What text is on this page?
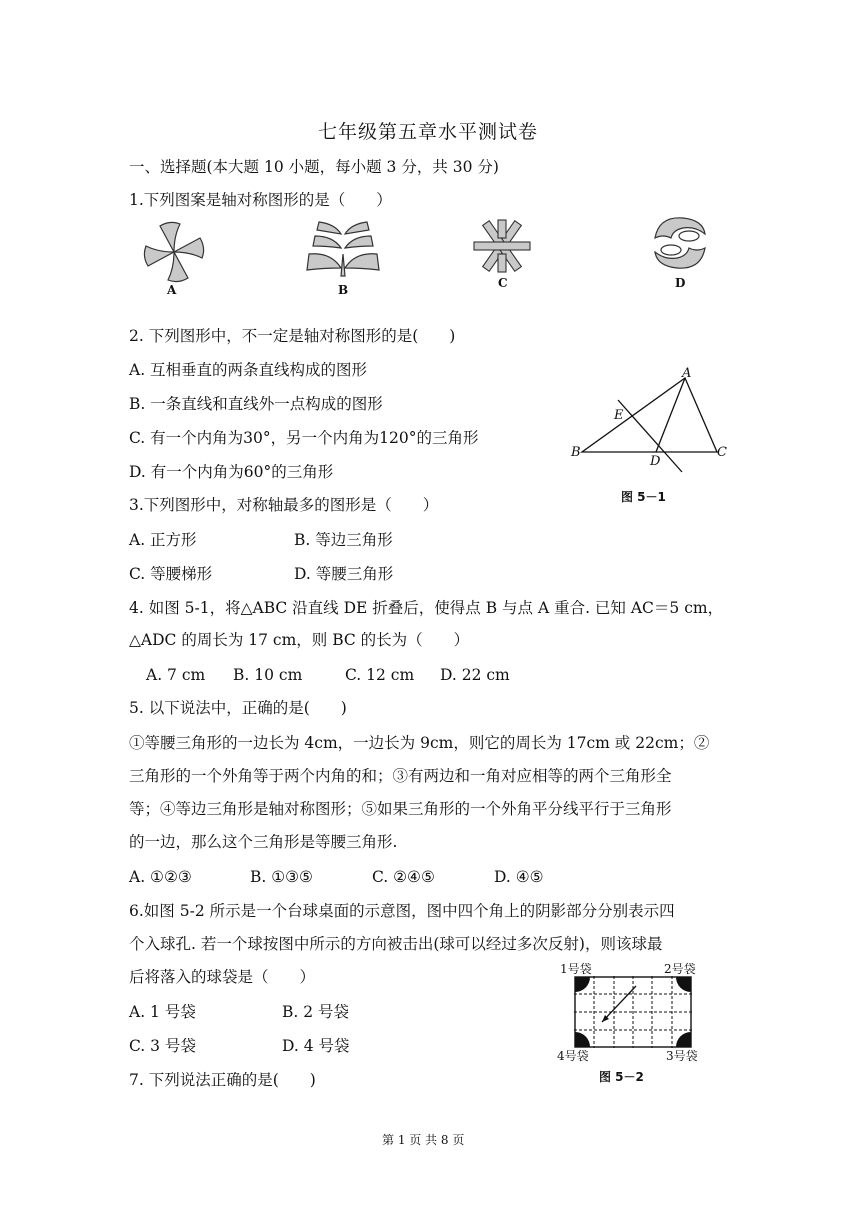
七年级第五章水平测试卷
一、选择题(本大题 10 小题，每小题 3 分，共 30 分)
1.下列图案是轴对称图形的是（　　）
A	B	C	D
2. 下列图形中，不一定是轴对称图形的是(　　)
A. 互相垂直的两条直线构成的图形
B. 一条直线和直线外一点构成的图形
C. 有一个内角为30°，另一个内角为120°的三角形
D. 有一个内角为60°的三角形
A
E
B
D
C
图 5－1
3.下列图形中，对称轴最多的图形是（　　）
A. 正方形	B. 等边三角形
C. 等腰梯形	D. 等腰三角形
4. 如图 5-1，将△ABC 沿直线 DE 折叠后，使得点 B 与点 A 重合. 已知 AC＝5 cm，
△ADC 的周长为 17 cm，则 BC 的长为（　　）
A. 7 cm B. 10 cm	C. 12 cm D. 22 cm
5. 以下说法中，正确的是(　　)
①等腰三角形的一边长为 4cm，一边长为 9cm，则它的周长为 17cm 或 22cm；②
三角形的一个外角等于两个内角的和；③有两边和一角对应相等的两个三角形全
等；④等边三角形是轴对称图形；⑤如果三角形的一个外角平分线平行于三角形
的一边，那么这个三角形是等腰三角形.
A. ①②③	B. ①③⑤	C. ②④⑤	D. ④⑤
6.如图 5-2 所示是一个台球桌面的示意图，图中四个角上的阴影部分分别表示四
个入球孔. 若一个球按图中所示的方向被击出(球可以经过多次反射)，则该球最
后将落入的球袋是（　　）
A. 1 号袋	B. 2 号袋
C. 3 号袋	D. 4 号袋
1号袋	2号袋
4号袋	3号袋
图 5－2
7. 下列说法正确的是(　　)
第 1 页 共 8 页
